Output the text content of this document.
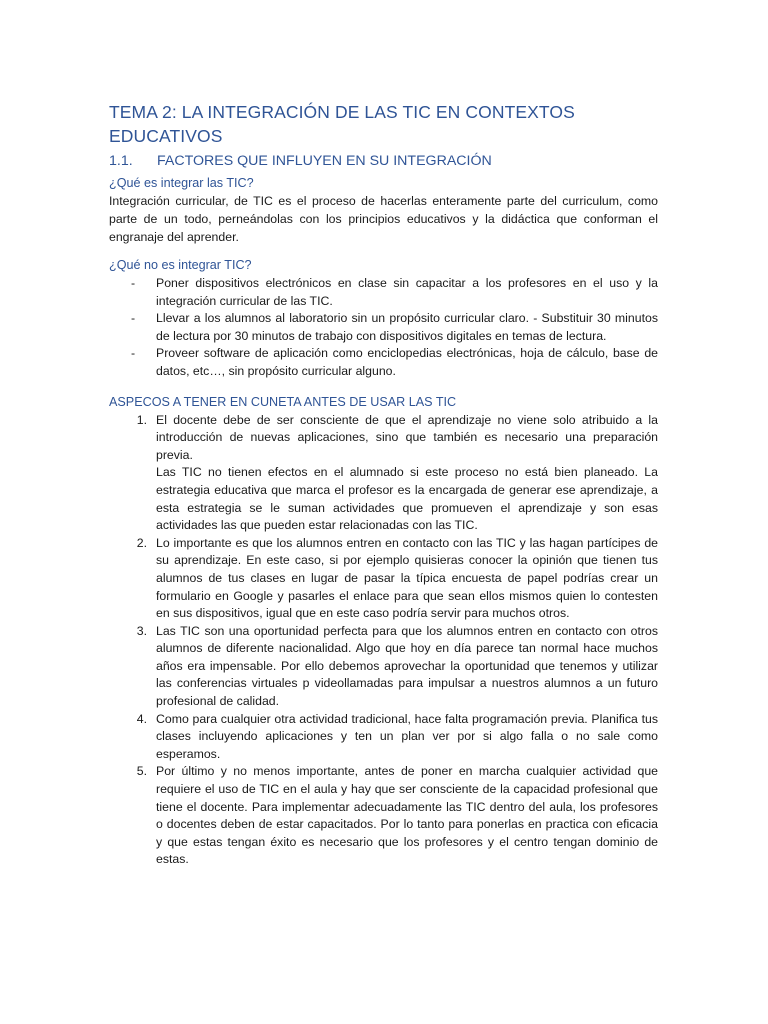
TEMA 2: LA INTEGRACIÓN DE LAS TIC EN CONTEXTOS EDUCATIVOS
1.1.	FACTORES QUE INFLUYEN EN SU INTEGRACIÓN
¿Qué es integrar las TIC?

Integración curricular, de TIC es el proceso de hacerlas enteramente parte del curriculum, como parte de un todo, perneándolas con los principios educativos y la didáctica que conforman el engranaje del aprender.

¿Qué no es integrar TIC?
- Poner dispositivos electrónicos en clase sin capacitar a los profesores en el uso y la integración curricular de las TIC.
- Llevar a los alumnos al laboratorio sin un propósito curricular claro. - Substituir 30 minutos de lectura por 30 minutos de trabajo con dispositivos digitales en temas de lectura.
- Proveer software de aplicación como enciclopedias electrónicas, hoja de cálculo, base de datos, etc…, sin propósito curricular alguno.
ASPECOS A TENER EN CUNETA ANTES DE USAR LAS TIC
1. El docente debe de ser consciente de que el aprendizaje no viene solo atribuido a la introducción de nuevas aplicaciones, sino que también es necesario una preparación previa.
Las TIC no tienen efectos en el alumnado si este proceso no está bien planeado. La estrategia educativa que marca el profesor es la encargada de generar ese aprendizaje, a esta estrategia se le suman actividades que promueven el aprendizaje y son esas actividades las que pueden estar relacionadas con las TIC.
2. Lo importante es que los alumnos entren en contacto con las TIC y las hagan partícipes de su aprendizaje. En este caso, si por ejemplo quisieras conocer la opinión que tienen tus alumnos de tus clases en lugar de pasar la típica encuesta de papel podrías crear un formulario en Google y pasarles el enlace para que sean ellos mismos quien lo contesten en sus dispositivos, igual que en este caso podría servir para muchos otros.
3. Las TIC son una oportunidad perfecta para que los alumnos entren en contacto con otros alumnos de diferente nacionalidad. Algo que hoy en día parece tan normal hace muchos años era impensable. Por ello debemos aprovechar la oportunidad que tenemos y utilizar las conferencias virtuales p videollamadas para impulsar a nuestros alumnos a un futuro profesional de calidad.
4. Como para cualquier otra actividad tradicional, hace falta programación previa. Planifica tus clases incluyendo aplicaciones y ten un plan ver por si algo falla o no sale como esperamos.
5. Por último y no menos importante, antes de poner en marcha cualquier actividad que requiere el uso de TIC en el aula y hay que ser consciente de la capacidad profesional que tiene el docente. Para implementar adecuadamente las TIC dentro del aula, los profesores o docentes deben de estar capacitados. Por lo tanto para ponerlas en practica con eficacia y que estas tengan éxito es necesario que los profesores y el centro tengan dominio de estas.
